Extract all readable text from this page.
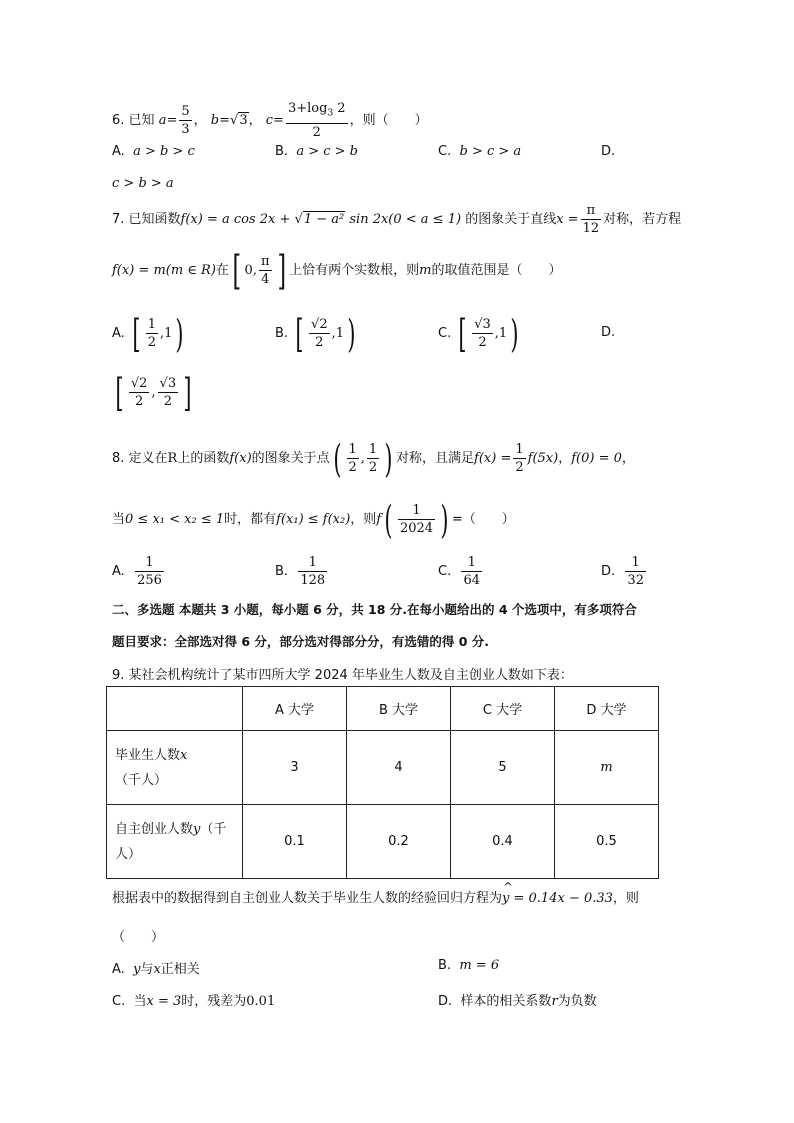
6. 已知 $a= \frac{5}{3}$ ， b=√3， $c= \frac{3+\log_3 2}{2}$ ，则（　　）
A. a > b > c	B. a > c > b	C. b > c > a	D.
c > b > a
7. 已知函数f(x) = a cos 2x + √1 − a² sin 2x(0 < a ≤ 1) 的图象关于直线$x = \frac{\pi}{12}$ 对称，若方程
f(x) = m(m ∈ R)在[ 0, $\frac{\pi}{4}$ ] 上恰有两个实数根，则m的取值范围是（　　）
A. [ $\frac{1}{2} ,1$)	B. [ $\frac{√2}{2} ,1$)	C. [ $\frac{√3}{2} ,1$)	D.
[ $\frac{√2}{2}$ , $\frac{√3}{2}$ ]
8. 定义在R上的函数f(x)的图象关于点( $\frac{1}{2}$ , $\frac{1}{2}$ ) 对称，且满足$f(x) = \frac{1}{2} f(5x)$，f(0) = 0，
当0 ≤ x₁ < x₂ ≤ 1时，都有f(x₁) ≤ f(x₂)，则$f( \frac{1}{2024}$ ) =（　　）
A. $\frac{1}{256}$	B. $\frac{1}{128}$	C. $\frac{1}{64}$	D. $\frac{1}{32}$
二、多选题 本题共 3 小题，每小题 6 分，共 18 分.在每小题给出的 4 个选项中，有多项符合
题目要求：全部选对得 6 分，部分选对得部分分，有选错的得 0 分.
9. 某社会机构统计了某市四所大学 2024 年毕业生人数及自主创业人数如下表：
	A 大学	B 大学	C 大学	D 大学
毕业生人数x（千人）	3	4	5	m
自主创业人数y（千人）	0.1	0.2	0.4	0.5
根据表中的数据得到自主创业人数关于毕业生人数的经验回归方程为
^
y = 0.14x − 0.33，则
（　　）
A. y与x正相关	B. m = 6
C. 当x = 3时，残差为0.01	D. 样本的相关系数r为负数
